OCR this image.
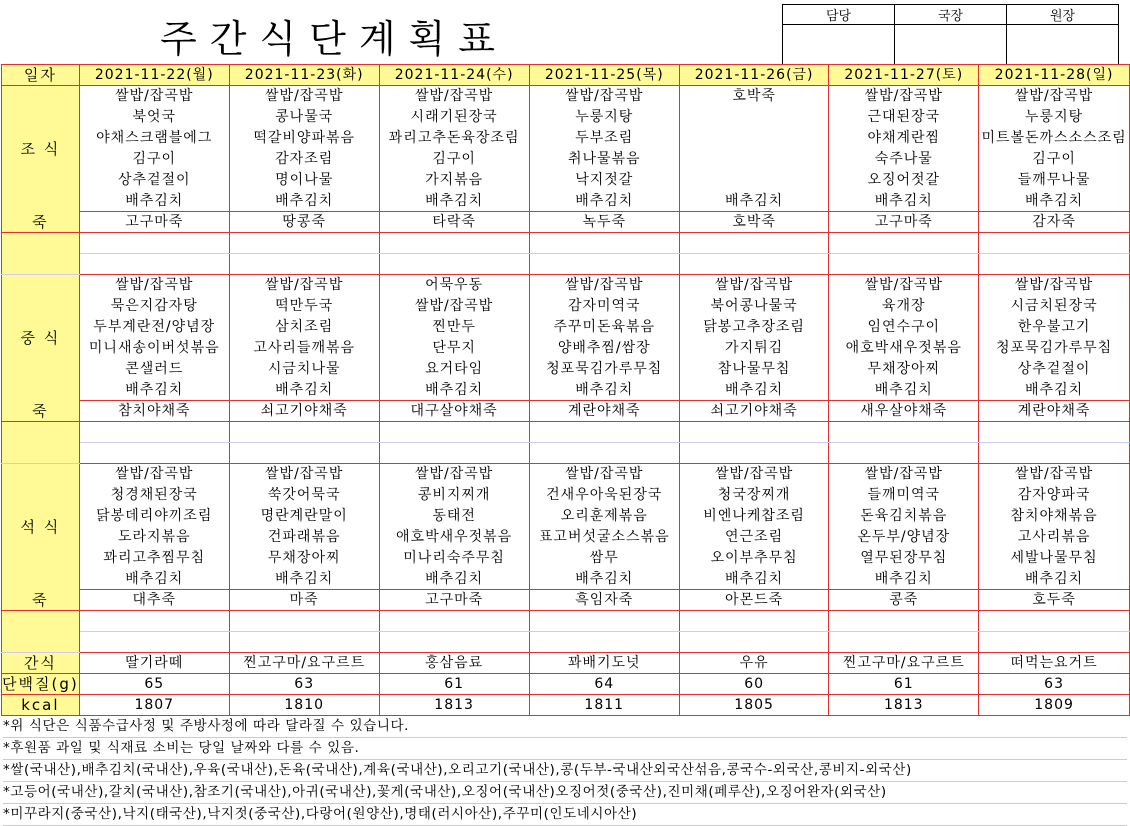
주간식단계획표
담당	국장	원장

일자	2021-11-22(월)	2021-11-23(화)	2021-11-24(수)	2021-11-25(목)	2021-11-26(금)	2021-11-27(토)	2021-11-28(일)
조 식	쌀밥/잡곡밥	쌀밥/잡곡밥	쌀밥/잡곡밥	쌀밥/잡곡밥	호박죽	쌀밥/잡곡밥	쌀밥/잡곡밥
	북엇국	콩나물국	시래기된장국	누룽지탕		근대된장국	누룽지탕
	야채스크램블에그	떡갈비양파볶음	꽈리고추돈육장조림	두부조림		야채계란찜	미트볼돈까스소스조림
	김구이	감자조림	김구이	취나물볶음		숙주나물	김구이
	상추겉절이	명이나물	가지볶음	낙지젓갈		오징어젓갈	들깨무나물
	배추김치	배추김치	배추김치	배추김치	배추김치	배추김치	배추김치
죽	고구마죽	땅콩죽	타락죽	녹두죽	호박죽	고구마죽	감자죽

중 식	쌀밥/잡곡밥	쌀밥/잡곡밥	어묵우동	쌀밥/잡곡밥	쌀밥/잡곡밥	쌀밥/잡곡밥	쌀밥/잡곡밥
	묵은지감자탕	떡만두국	쌀밥/잡곡밥	감자미역국	북어콩나물국	육개장	시금치된장국
	두부계란전/양념장	삼치조림	찐만두	주꾸미돈육볶음	닭봉고추장조림	임연수구이	한우불고기
	미니새송이버섯볶음	고사리들깨볶음	단무지	양배추찜/쌈장	가지튀김	애호박새우젓볶음	청포묵김가루무침
	콘샐러드	시금치나물	요거타임	청포묵김가루무침	참나물무침	무채장아찌	상추겉절이
	배추김치	배추김치	배추김치	배추김치	배추김치	배추김치	배추김치
죽	참치야채죽	쇠고기야채죽	대구살야채죽	계란야채죽	쇠고기야채죽	새우살야채죽	계란야채죽

석 식	쌀밥/잡곡밥	쌀밥/잡곡밥	쌀밥/잡곡밥	쌀밥/잡곡밥	쌀밥/잡곡밥	쌀밥/잡곡밥	쌀밥/잡곡밥
	청경채된장국	쑥갓어묵국	콩비지찌개	건새우아욱된장국	청국장찌개	들깨미역국	감자양파국
	닭봉데리야끼조림	명란계란말이	동태전	오리훈제볶음	비엔나케찹조림	돈육김치볶음	참치야채볶음
	도라지볶음	건파래볶음	애호박새우젓볶음	표고버섯굴소스볶음	연근조림	온두부/양념장	고사리볶음
	꽈리고추찜무침	무채장아찌	미나리숙주무침	쌈무	오이부추무침	열무된장무침	세발나물무침
	배추김치	배추김치	배추김치	배추김치	배추김치	배추김치	배추김치
죽	대추죽	마죽	고구마죽	흑임자죽	아몬드죽	콩죽	호두죽

간식	딸기라떼	찐고구마/요구르트	홍삼음료	꽈배기도넛	우유	찐고구마/요구르트	떠먹는요거트
단백질(g)	65	63	61	64	60	61	63
kcal	1807	1810	1813	1811	1805	1813	1809
*위 식단은 식품수급사정 및 주방사정에 따라 달라질 수 있습니다.
*후원품 과일 및 식재료 소비는 당일 날짜와 다를 수 있음.
*쌀(국내산),배추김치(국내산),우육(국내산),돈육(국내산),계육(국내산),오리고기(국내산),콩(두부-국내산외국산섞음,콩국수-외국산,콩비지-외국산)
*고등어(국내산),갈치(국내산),참조기(국내산),아귀(국내산),꽃게(국내산),오징어(국내산)오징어젓(중국산),진미채(페루산),오징어완자(외국산)
*미꾸라지(중국산),낙지(태국산),낙지젓(중국산),다랑어(원양산),명태(러시아산),주꾸미(인도네시아산)
